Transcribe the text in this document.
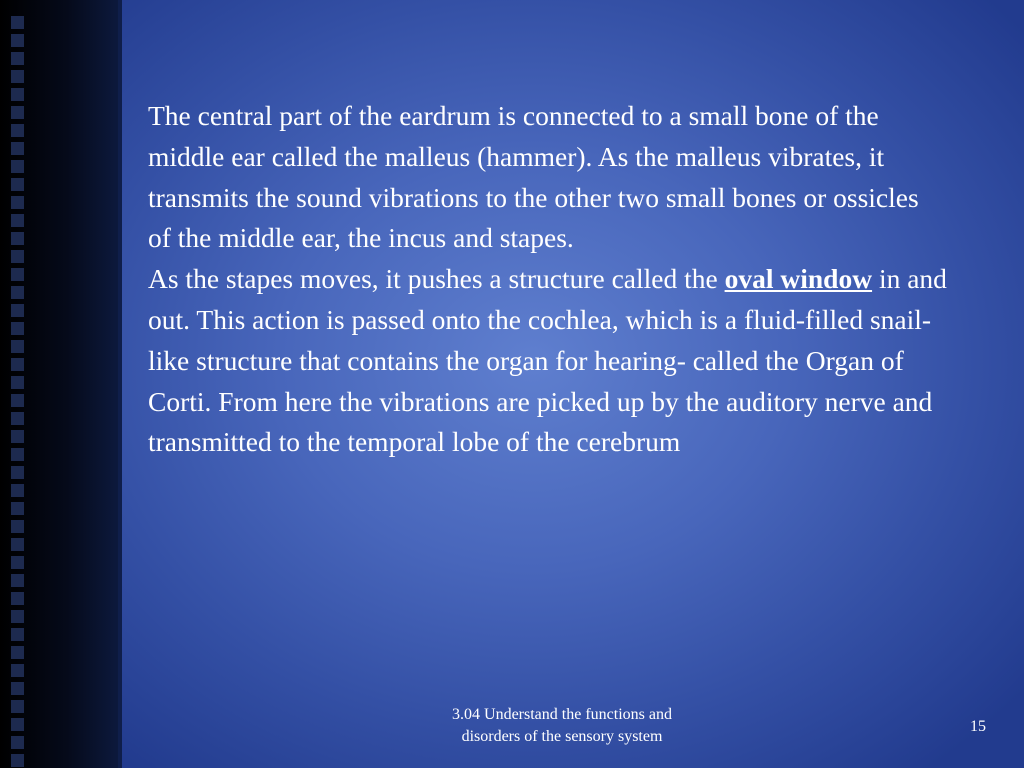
The central part of the eardrum is connected to a small bone of the middle ear called the malleus (hammer). As the malleus vibrates, it transmits the sound vibrations to the other two small bones or ossicles of the middle ear, the incus and stapes.

As the stapes moves, it pushes a structure called the oval window in and out. This action is passed onto the cochlea, which is a fluid-filled snail-like structure that contains the organ for hearing- called the Organ of Corti. From here the vibrations are picked up by the auditory nerve and transmitted to the temporal lobe of the cerebrum

3.04 Understand the functions and
disorders of the sensory system
15
